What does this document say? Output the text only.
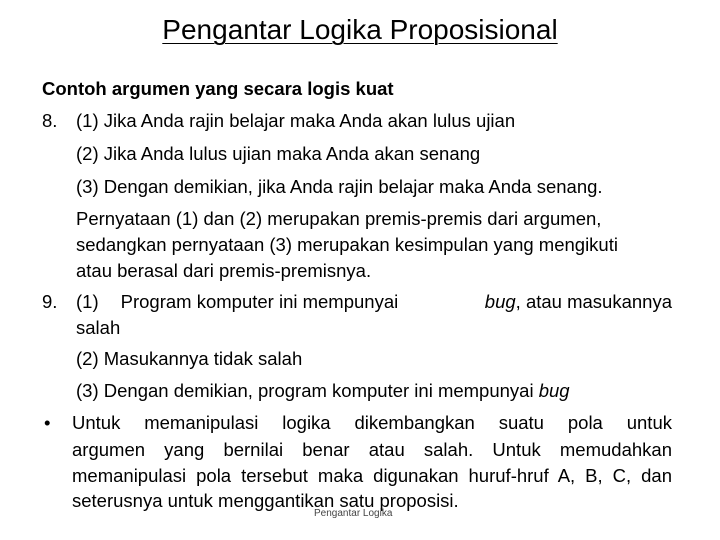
Pengantar Logika Proposisional
Contoh argumen yang secara logis kuat
8. (1) Jika Anda rajin belajar maka Anda akan lulus ujian
(2) Jika Anda lulus ujian maka Anda akan senang
(3) Dengan demikian, jika Anda rajin belajar maka Anda senang.
Pernyataan (1) dan (2) merupakan premis-premis dari argumen,
sedangkan pernyataan (3) merupakan kesimpulan yang mengikuti
atau berasal dari premis-premisnya.
9. (1) Program komputer ini mempunyai	bug, atau masukannya
salah
(2) Masukannya tidak salah
(3) Dengan demikian, program komputer ini mempunyai bug
• Untuk memanipulasi logika dikembangkan suatu pola untuk
argumen yang bernilai benar atau salah. Untuk memudahkan
memanipulasi pola tersebut maka digunakan huruf-hruf A, B, C, dan
seterusnya untuk menggantikan satu proposisi.
Pengantar Logika
